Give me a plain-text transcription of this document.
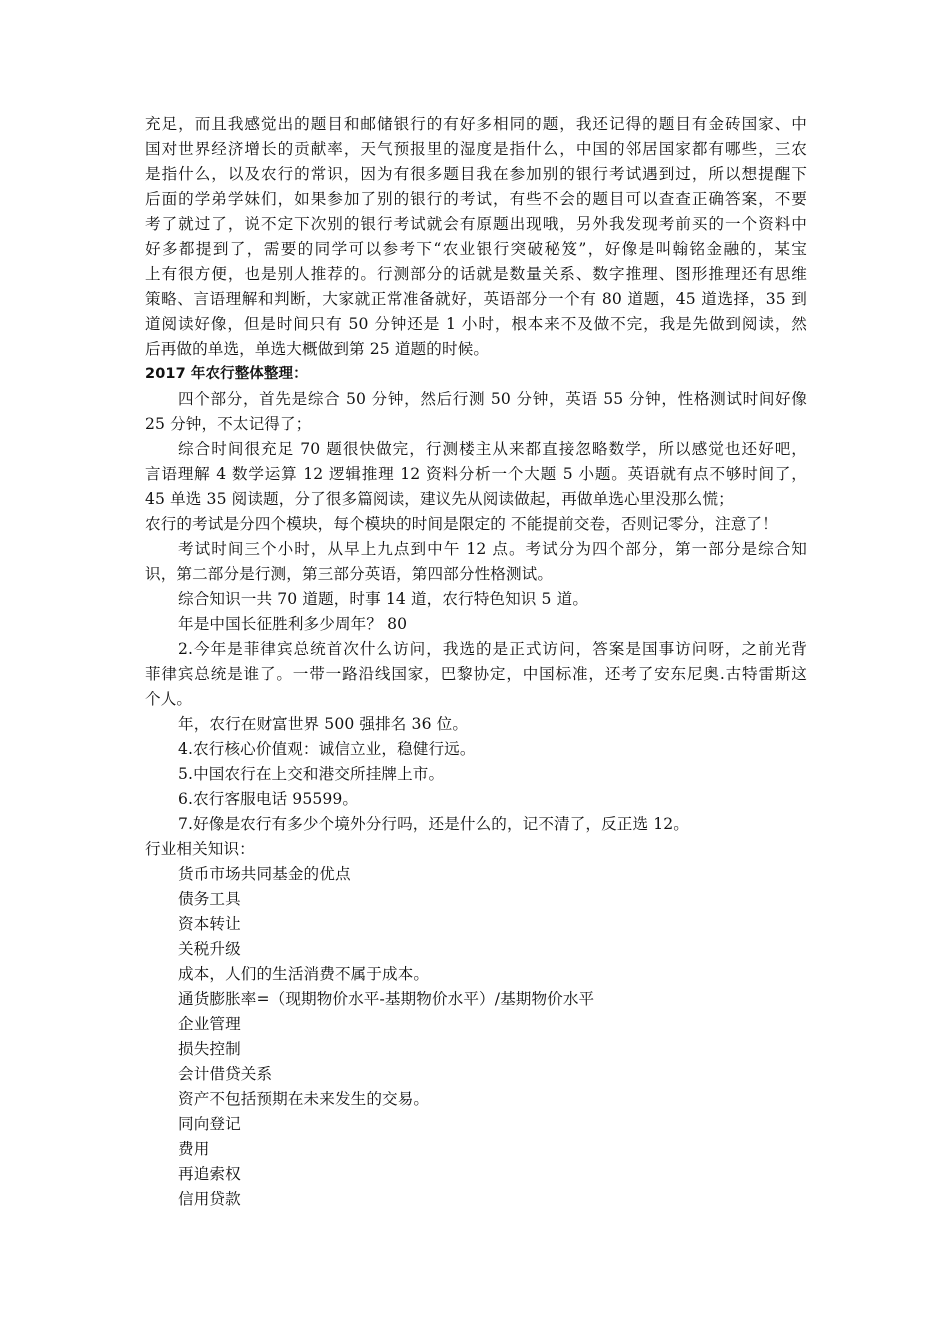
充足，而且我感觉出的题目和邮储银行的有好多相同的题，我还记得的题目有金砖国家、中
国对世界经济增长的贡献率，天气预报里的湿度是指什么，中国的邻居国家都有哪些，三农
是指什么，以及农行的常识，因为有很多题目我在参加别的银行考试遇到过，所以想提醒下
后面的学弟学妹们，如果参加了别的银行的考试，有些不会的题目可以查查正确答案，不要
考了就过了，说不定下次别的银行考试就会有原题出现哦，另外我发现考前买的一个资料中
好多都提到了，需要的同学可以参考下“农业银行突破秘笈”，好像是叫翰铭金融的，某宝
上有很方便，也是别人推荐的。行测部分的话就是数量关系、数字推理、图形推理还有思维
策略、言语理解和判断，大家就正常准备就好，英语部分一个有 80 道题，45 道选择，35 到
道阅读好像，但是时间只有 50 分钟还是 1 小时，根本来不及做不完，我是先做到阅读，然
后再做的单选，单选大概做到第 25 道题的时候。
2017 年农行整体整理：
四个部分，首先是综合 50 分钟，然后行测 50 分钟，英语 55 分钟，性格测试时间好像
25 分钟，不太记得了；
综合时间很充足 70 题很快做完，行测楼主从来都直接忽略数学，所以感觉也还好吧，
言语理解 4 数学运算 12 逻辑推理 12 资料分析一个大题 5 小题。英语就有点不够时间了，
45 单选 35 阅读题，分了很多篇阅读，建议先从阅读做起，再做单选心里没那么慌；
农行的考试是分四个模块，每个模块的时间是限定的 不能提前交卷，否则记零分，注意了！
考试时间三个小时，从早上九点到中午 12 点。考试分为四个部分，第一部分是综合知
识，第二部分是行测，第三部分英语，第四部分性格测试。
综合知识一共 70 道题，时事 14 道，农行特色知识 5 道。
年是中国长征胜利多少周年？ 80
2.今年是菲律宾总统首次什么访问，我选的是正式访问，答案是国事访问呀，之前光背
菲律宾总统是谁了。一带一路沿线国家，巴黎协定，中国标准，还考了安东尼奥.古特雷斯这
个人。
年，农行在财富世界 500 强排名 36 位。
4.农行核心价值观：诚信立业，稳健行远。
5.中国农行在上交和港交所挂牌上市。
6.农行客服电话 95599。
7.好像是农行有多少个境外分行吗，还是什么的，记不清了，反正选 12。
行业相关知识：
货币市场共同基金的优点
债务工具
资本转让
关税升级
成本，人们的生活消费不属于成本。
通货膨胀率=（现期物价水平-基期物价水平）/基期物价水平
企业管理
损失控制
会计借贷关系
资产不包括预期在未来发生的交易。
同向登记
费用
再追索权
信用贷款
